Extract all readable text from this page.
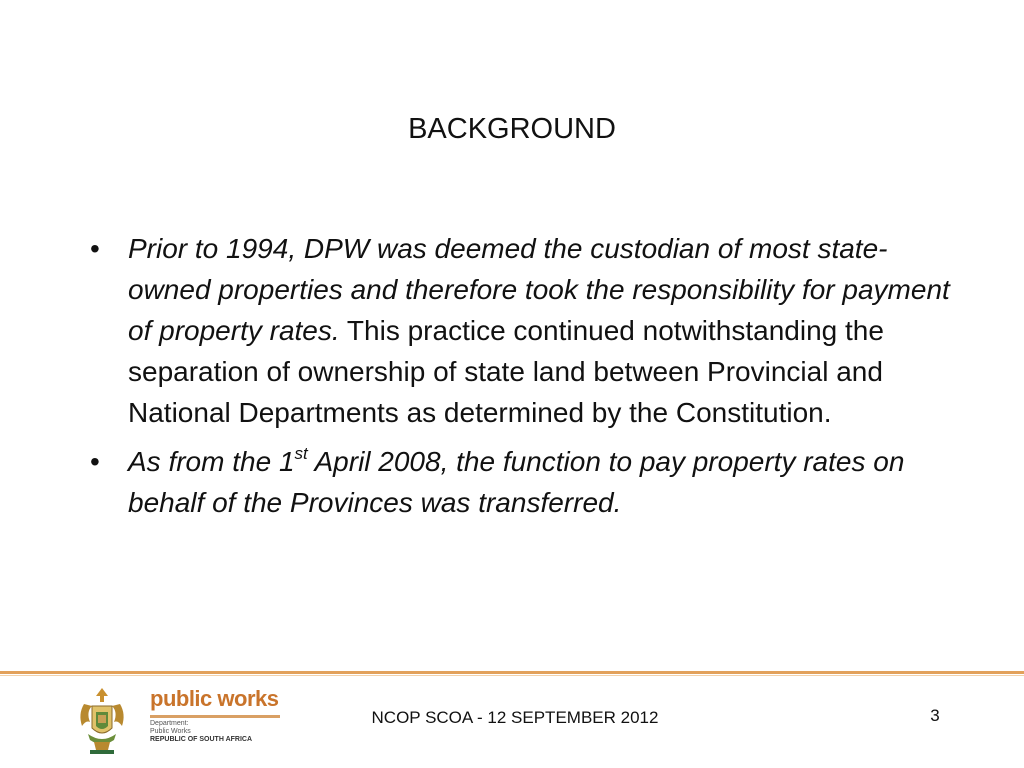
BACKGROUND
• Prior to 1994, DPW was deemed the custodian of most state-owned properties and therefore took the responsibility for payment of property rates. This practice continued notwithstanding the separation of ownership of state land between Provincial and National Departments as determined by the Constitution.
• As from the 1st April 2008, the function to pay property rates on behalf of the Provinces was transferred.
public works
Department:
Public Works
REPUBLIC OF SOUTH AFRICA
NCOP SCOA - 12 SEPTEMBER 2012	3
